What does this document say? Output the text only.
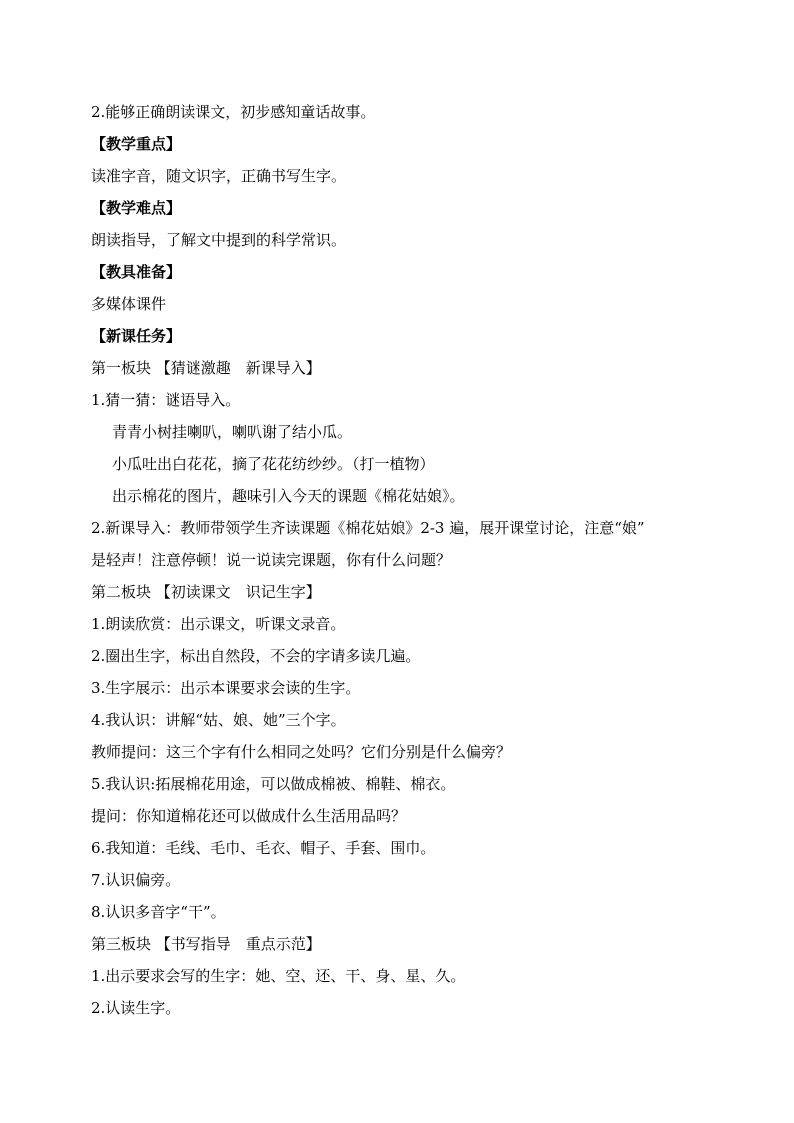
2.能够正确朗读课文，初步感知童话故事。
【教学重点】
读准字音，随文识字，正确书写生字。
【教学难点】
朗读指导，了解文中提到的科学常识。
【教具准备】
多媒体课件
【新课任务】
第一板块 【猜谜激趣　新课导入】
1.猜一猜：谜语导入。
青青小树挂喇叭，喇叭谢了结小瓜。
小瓜吐出白花花，摘了花花纺纱纱。（打一植物）
出示棉花的图片，趣味引入今天的课题《棉花姑娘》。
2.新课导入：教师带领学生齐读课题《棉花姑娘》2-3 遍，展开课堂讨论，注意“娘”
是轻声！注意停顿！说一说读完课题，你有什么问题？
第二板块 【初读课文　识记生字】
1.朗读欣赏：出示课文，听课文录音。
2.圈出生字，标出自然段，不会的字请多读几遍。
3.生字展示：出示本课要求会读的生字。
4.我认识：讲解“姑、娘、她”三个字。
教师提问：这三个字有什么相同之处吗？它们分别是什么偏旁？
5.我认识:拓展棉花用途，可以做成棉被、棉鞋、棉衣。
提问：你知道棉花还可以做成什么生活用品吗？
6.我知道：毛线、毛巾、毛衣、帽子、手套、围巾。
7.认识偏旁。
8.认识多音字“干”。
第三板块 【书写指导　重点示范】
1.出示要求会写的生字：她、空、还、干、身、星、久。
2.认读生字。
